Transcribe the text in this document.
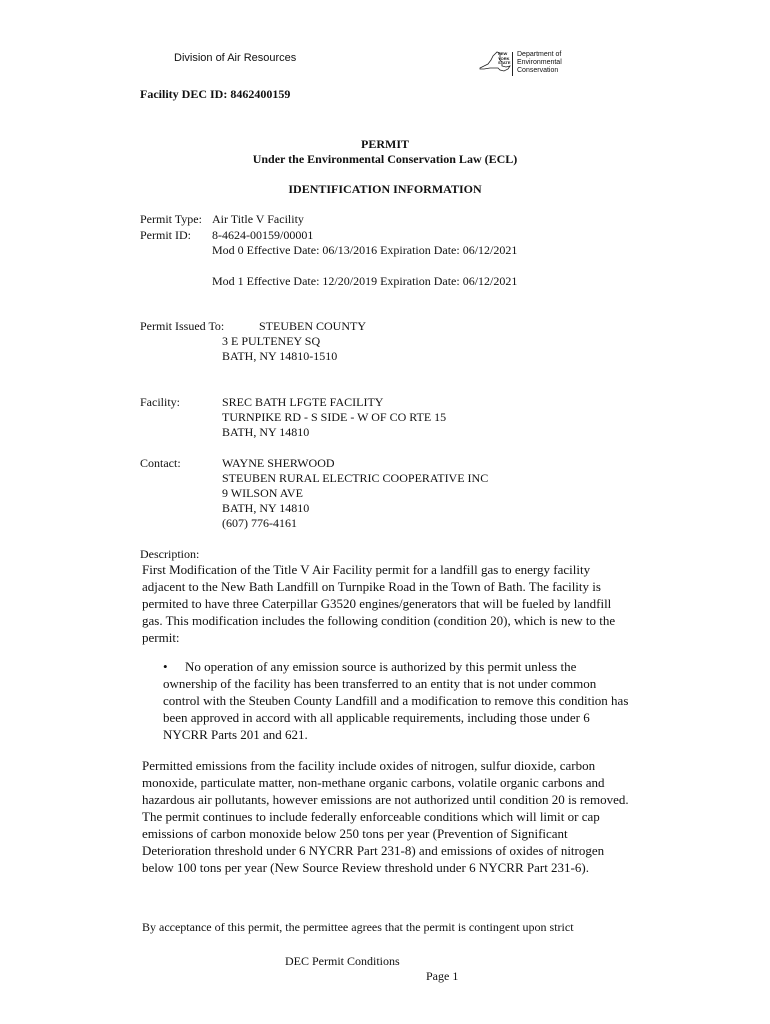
Division of Air Resources	NEW
YORK
STATE
Department of
Environmental
Conservation
Facility DEC ID: 8462400159
PERMIT
Under the Environmental Conservation Law (ECL)
IDENTIFICATION INFORMATION
Permit Type: Air Title V Facility
Permit ID: 8-4624-00159/00001
Mod 0 Effective Date: 06/13/2016 Expiration Date: 06/12/2021
Mod 1 Effective Date: 12/20/2019 Expiration Date: 06/12/2021
Permit Issued To:	STEUBEN COUNTY
3 E PULTENEY SQ
BATH, NY 14810-1510
Facility:	SREC BATH LFGTE FACILITY
TURNPIKE RD - S SIDE - W OF CO RTE 15
BATH, NY 14810
Contact:	WAYNE SHERWOOD
STEUBEN RURAL ELECTRIC COOPERATIVE INC
9 WILSON AVE
BATH, NY 14810
(607) 776-4161
Description:
First Modification of the Title V Air Facility permit for a landfill gas to energy facility adjacent to the New Bath Landfill on Turnpike Road in the Town of Bath. The facility is permited to have three Caterpillar G3520 engines/generators that will be fueled by landfill gas. This modification includes the following condition (condition 20), which is new to the permit:
•	No operation of any emission source is authorized by this permit unless the ownership of the facility has been transferred to an entity that is not under common control with the Steuben County Landfill and a modification to remove this condition has been approved in accord with all applicable requirements, including those under 6 NYCRR Parts 201 and 621.
Permitted emissions from the facility include oxides of nitrogen, sulfur dioxide, carbon monoxide, particulate matter, non-methane organic carbons, volatile organic carbons and hazardous air pollutants, however emissions are not authorized until condition 20 is removed. The permit continues to include federally enforceable conditions which will limit or cap emissions of carbon monoxide below 250 tons per year (Prevention of Significant Deterioration threshold under 6 NYCRR Part 231-8) and emissions of oxides of nitrogen below 100 tons per year (New Source Review threshold under 6 NYCRR Part 231-6).
By acceptance of this permit, the permittee agrees that the permit is contingent upon strict
DEC Permit Conditions
Page 1
